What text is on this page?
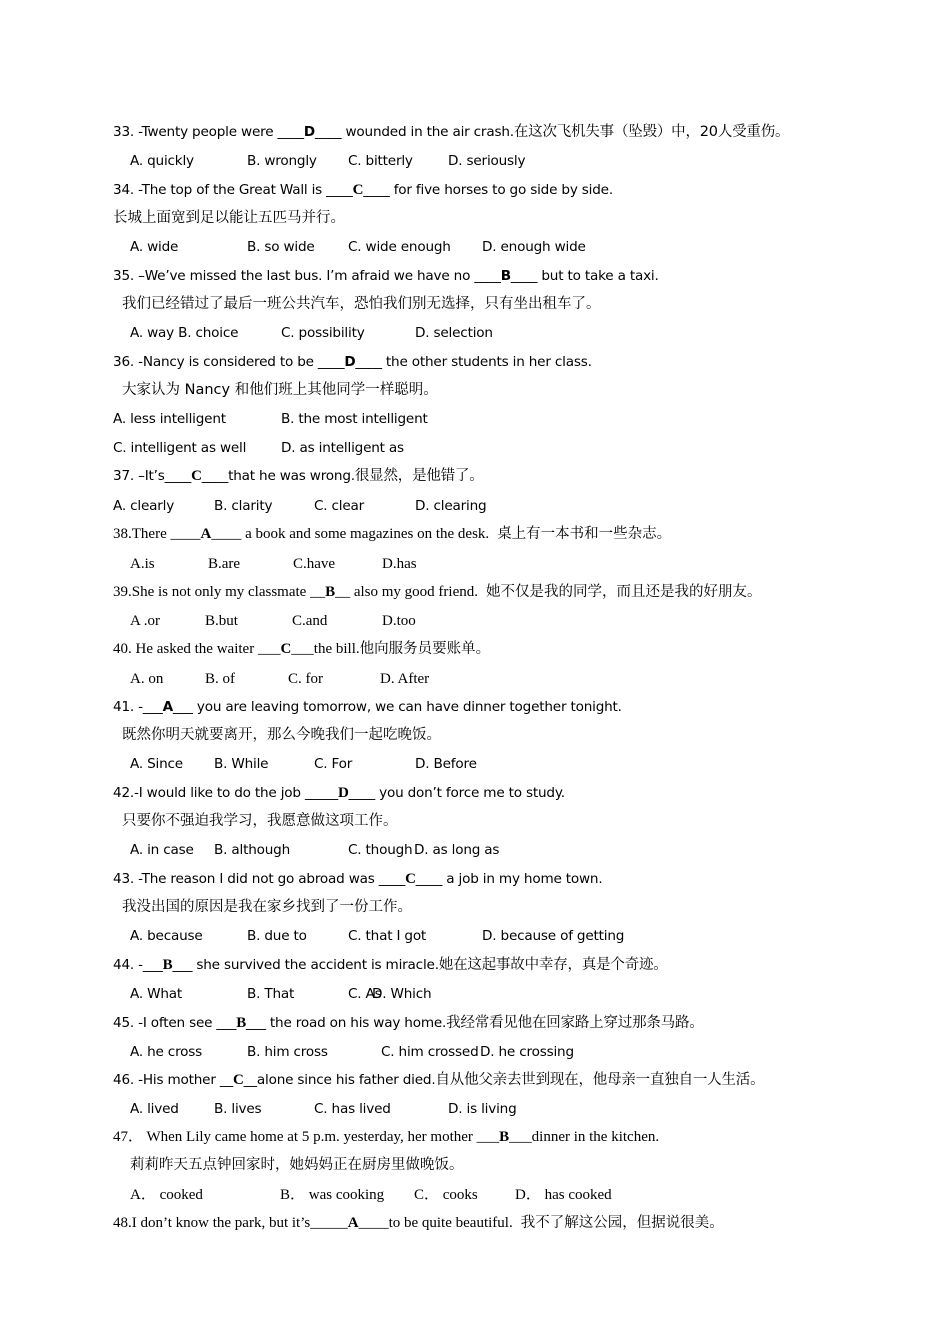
33. -Twenty people were ____D____ wounded in the air crash.在这次飞机失事（坠毁）中，20人受重伤。
A. quickly	B. wrongly C. bitterly	D. seriously
34. -The top of the Great Wall is ____C____ for five horses to go side by side.
长城上面宽到足以能让五匹马并行。
A. wide	B. so wide C. wide enough D. enough wide
35. –We’ve missed the last bus. I’m afraid we have no ____B____ but to take a taxi.
我们已经错过了最后一班公共汽车，恐怕我们别无选择，只有坐出租车了。
A. way B. choice	C. possibility	D. selection
36. -Nancy is considered to be ____D____ the other students in her class.
大家认为 Nancy 和他们班上其他同学一样聪明。
A. less intelligent	B. the most intelligent
C. intelligent as well	D. as intelligent as
37. –It’s____C____that he was wrong.很显然，是他错了。
A. clearly	B. clarity	C. clear	D. clearing
38.There ____A____ a book and some magazines on the desk. 桌上有一本书和一些杂志。
A.is	B.are	C.have	D.has
39.She is not only my classmate __B__ also my good friend. 她不仅是我的同学，而且还是我的好朋友。
A .or	B.but	C.and	D.too
40. He asked the waiter ___C___the bill.他向服务员要账单。
A. on	B. of	C. for	D. After
41. -___A___ you are leaving tomorrow, we can have dinner together tonight.
既然你明天就要离开，那么今晚我们一起吃晚饭。
A. Since B. While	C. For	D. Before
42.-I would like to do the job _____D____ you don’t force me to study.
只要你不强迫我学习，我愿意做这项工作。
A. in case B. although	C. though D. as long as
43. -The reason I did not go abroad was ____C____ a job in my home town.
我没出国的原因是我在家乡找到了一份工作。
A. because	B. due to	C. that I got	D. because of getting
44. -___B___ she survived the accident is miracle.她在这起事故中幸存，真是个奇迹。
A. What	B. That	C. As
D. Which
45. -I often see ___B___ the road on his way home.我经常看见他在回家路上穿过那条马路。
A. he cross	B. him cross	C. him crossed D. he crossing
46. -His mother __C__alone since his father died.自从他父亲去世到现在，他母亲一直独自一人生活。
A. lived	B. lives	C. has lived	D. is living
47． When Lily came home at 5 p.m. yesterday, her mother ___B___dinner in the kitchen.
莉莉昨天五点钟回家时，她妈妈正在厨房里做晚饭。
A． cooked	B． was cooking C． cooks D． has cooked
48.I don’t know the park, but it’s_____A____to be quite beautiful. 我不了解这公园，但据说很美。
